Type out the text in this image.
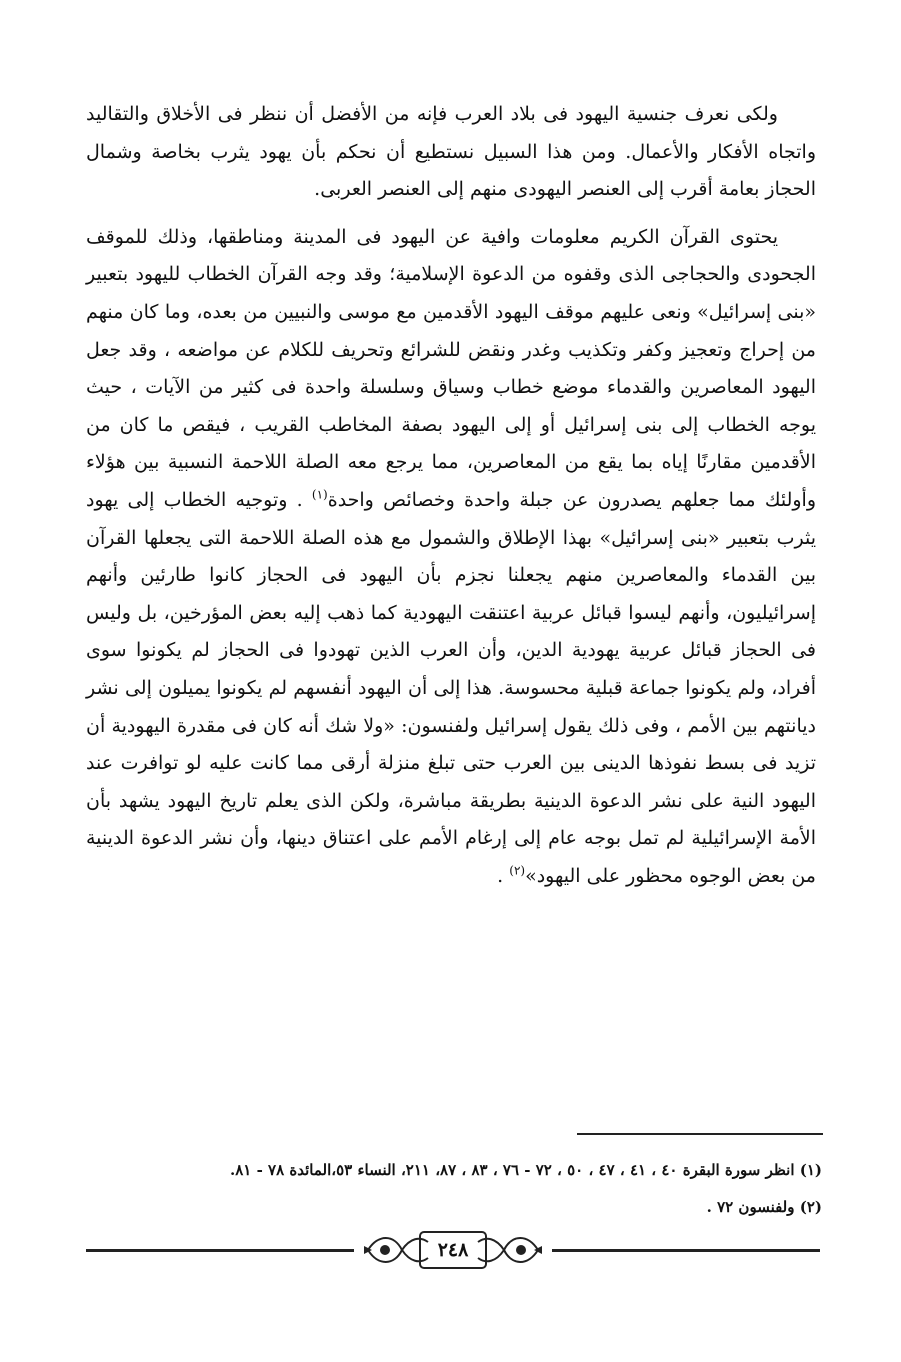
ولكى نعرف جنسية اليهود فى بلاد العرب فإنه من الأفضل أن ننظر فى الأخلاق والتقاليد واتجاه الأفكار والأعمال. ومن هذا السبيل نستطيع أن نحكم بأن يهود يثرب بخاصة وشمال الحجاز بعامة أقرب إلى العنصر اليهودى منهم إلى العنصر العربى.

يحتوى القرآن الكريم معلومات وافية عن اليهود فى المدينة ومناطقها، وذلك للموقف الجحودى والحجاجى الذى وقفوه من الدعوة الإسلامية؛ وقد وجه القرآن الخطاب لليهود بتعبير «بنى إسرائيل» ونعى عليهم موقف اليهود الأقدمين مع موسى والنبيين من بعده، وما كان منهم من إحراج وتعجيز وكفر وتكذيب وغدر ونقض للشرائع وتحريف للكلام عن مواضعه ، وقد جعل اليهود المعاصرين والقدماء موضع خطاب وسياق وسلسلة واحدة فى كثير من الآيات ، حيث يوجه الخطاب إلى بنى إسرائيل أو إلى اليهود بصفة المخاطب القريب ، فيقص ما كان من الأقدمين مقارنًا إياه بما يقع من المعاصرين، مما يرجع معه الصلة اللاحمة النسبية بين هؤلاء وأولئك مما جعلهم يصدرون عن جبلة واحدة وخصائص واحدة$^{(١)}$ . وتوجيه الخطاب إلى يهود يثرب بتعبير «بنى إسرائيل» بهذا الإطلاق والشمول مع هذه الصلة اللاحمة التى يجعلها القرآن بين القدماء والمعاصرين منهم يجعلنا نجزم بأن اليهود فى الحجاز كانوا طارئين وأنهم إسرائيليون، وأنهم ليسوا قبائل عربية اعتنقت اليهودية كما ذهب إليه بعض المؤرخين، بل وليس فى الحجاز قبائل عربية يهودية الدين، وأن العرب الذين تهودوا فى الحجاز لم يكونوا سوى أفراد، ولم يكونوا جماعة قبلية محسوسة. هذا إلى أن اليهود أنفسهم لم يكونوا يميلون إلى نشر ديانتهم بين الأمم ، وفى ذلك يقول إسرائيل ولفنسون: «ولا شك أنه كان فى مقدرة اليهودية أن تزيد فى بسط نفوذها الدينى بين العرب حتى تبلغ منزلة أرقى مما كانت عليه لو توافرت عند اليهود النية على نشر الدعوة الدينية بطريقة مباشرة، ولكن الذى يعلم تاريخ اليهود يشهد بأن الأمة الإسرائيلية لم تمل بوجه عام إلى إرغام الأمم على اعتناق دينها، وأن نشر الدعوة الدينية من بعض الوجوه محظور على اليهود»$^{(٢)}$ .

(١) انظر سورة البقرة ٤٠ ، ٤١ ، ٤٧ ، ٥٠ ، ٧٢ - ٧٦ ، ٨٣ ، ٨٧، ٢١١، النساء ٥٣،المائدة ٧٨ - ٨١.

(٢) ولفنسون ٧٢ .

٢٤٨
